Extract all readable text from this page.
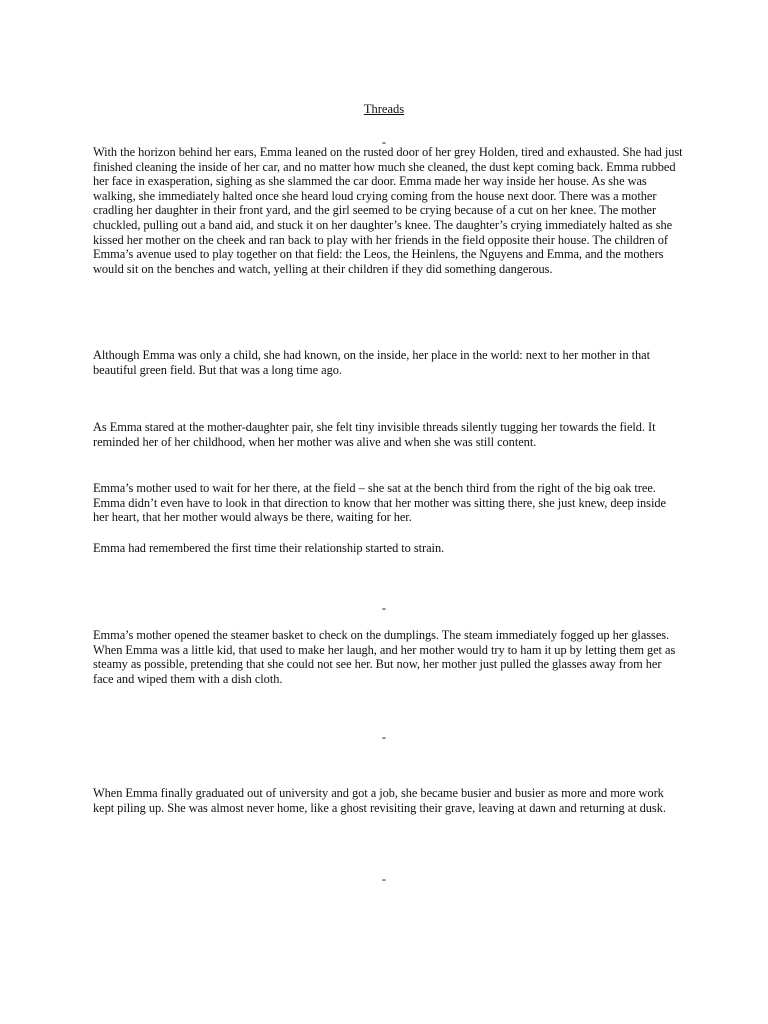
Threads
-

With the horizon behind her ears, Emma leaned on the rusted door of her grey Holden, tired and exhausted. She had just finished cleaning the inside of her car, and no matter how much she cleaned, the dust kept coming back. Emma rubbed her face in exasperation, sighing as she slammed the car door. Emma made her way inside her house. As she was walking, she immediately halted once she heard loud crying coming from the house next door. There was a mother cradling her daughter in their front yard, and the girl seemed to be crying because of a cut on her knee. The mother chuckled, pulling out a band aid, and stuck it on her daughter’s knee. The daughter’s crying immediately halted as she kissed her mother on the cheek and ran back to play with her friends in the field opposite their house. The children of Emma’s avenue used to play together on that field: the Leos, the Heinlens, the Nguyens and Emma, and the mothers would sit on the benches and watch, yelling at their children if they did something dangerous.

Although Emma was only a child, she had known, on the inside, her place in the world: next to her mother in that beautiful green field. But that was a long time ago.

As Emma stared at the mother-daughter pair, she felt tiny invisible threads silently tugging her towards the field. It reminded her of her childhood, when her mother was alive and when she was still content.

Emma’s mother used to wait for her there, at the field – she sat at the bench third from the right of the big oak tree. Emma didn’t even have to look in that direction to know that her mother was sitting there, she just knew, deep inside her heart, that her mother would always be there, waiting for her.

Emma had remembered the first time their relationship started to strain.

-

Emma’s mother opened the steamer basket to check on the dumplings. The steam immediately fogged up her glasses. When Emma was a little kid, that used to make her laugh, and her mother would try to ham it up by letting them get as steamy as possible, pretending that she could not see her. But now, her mother just pulled the glasses away from her face and wiped them with a dish cloth.

-

When Emma finally graduated out of university and got a job, she became busier and busier as more and more work kept piling up. She was almost never home, like a ghost revisiting their grave, leaving at dawn and returning at dusk.

-
